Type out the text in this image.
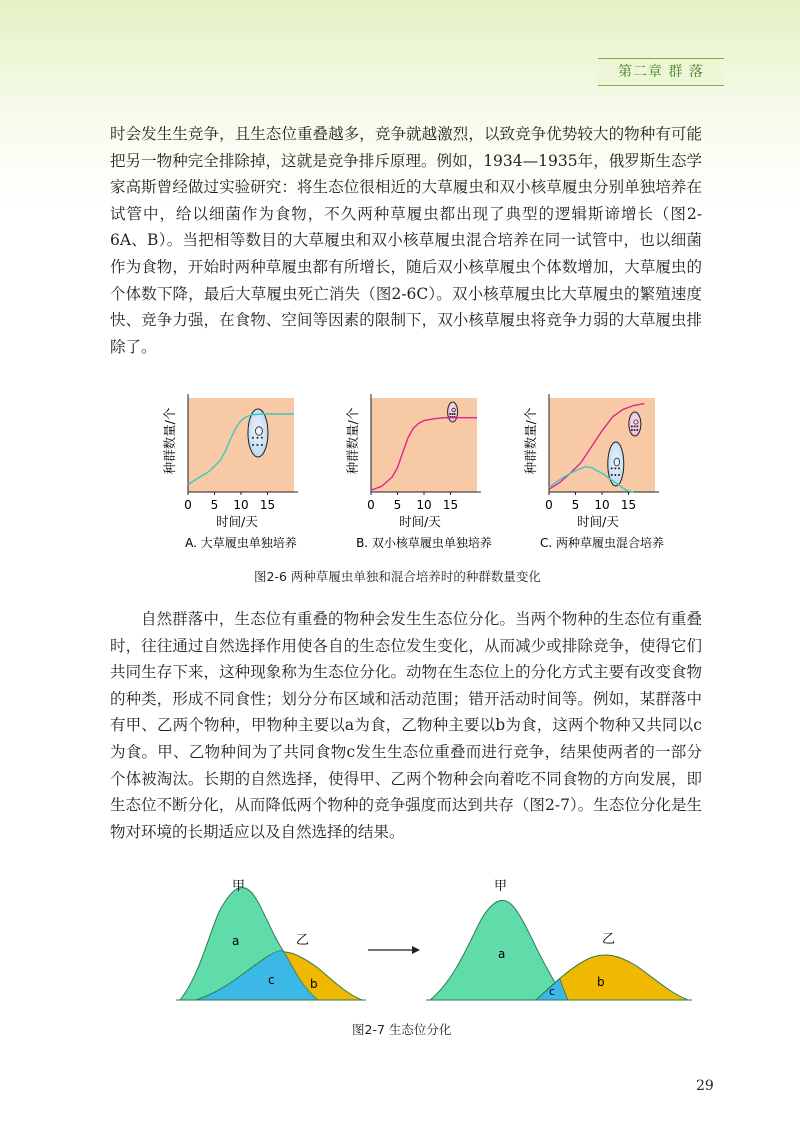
第二章 群 落

时会发生生竞争，且生态位重叠越多，竞争就越激烈，以致竞争优势较大的物种有可能把另一物种完全排除掉，这就是竞争排斥原理。例如，1934—1935年，俄罗斯生态学家高斯曾经做过实验研究：将生态位很相近的大草履虫和双小核草履虫分别单独培养在试管中，给以细菌作为食物，不久两种草履虫都出现了典型的逻辑斯谛增长（图2-6A、B）。当把相等数目的大草履虫和双小核草履虫混合培养在同一试管中，也以细菌作为食物，开始时两种草履虫都有所增长，随后双小核草履虫个体数增加，大草履虫的个体数下降，最后大草履虫死亡消失（图2-6C）。双小核草履虫比大草履虫的繁殖速度快、竞争力强，在食物、空间等因素的限制下，双小核草履虫将竞争力弱的大草履虫排除了。

0 5 10 15
时间/天
种群数量/个
A. 大草履虫单独培养
0 5 10 15
时间/天
种群数量/个
B. 双小核草履虫单独培养
0 5 10 15
时间/天
种群数量/个
C. 两种草履虫混合培养
图2-6 两种草履虫单独和混合培养时的种群数量变化

自然群落中，生态位有重叠的物种会发生生态位分化。当两个物种的生态位有重叠时，往往通过自然选择作用使各自的生态位发生变化，从而减少或排除竞争，使得它们共同生存下来，这种现象称为生态位分化。动物在生态位上的分化方式主要有改变食物的种类，形成不同食性；划分分布区域和活动范围；错开活动时间等。例如，某群落中有甲、乙两个物种，甲物种主要以a为食，乙物种主要以b为食，这两个物种又共同以c为食。甲、乙物种间为了共同食物c发生生态位重叠而进行竞争，结果使两者的一部分个体被淘汰。长期的自然选择，使得甲、乙两个物种会向着吃不同食物的方向发展，即生态位不断分化，从而降低两个物种的竞争强度而达到共存（图2-7）。生态位分化是生物对环境的长期适应以及自然选择的结果。

甲
乙
a
c	b
甲
乙
a
c
b
图2-7 生态位分化
29
